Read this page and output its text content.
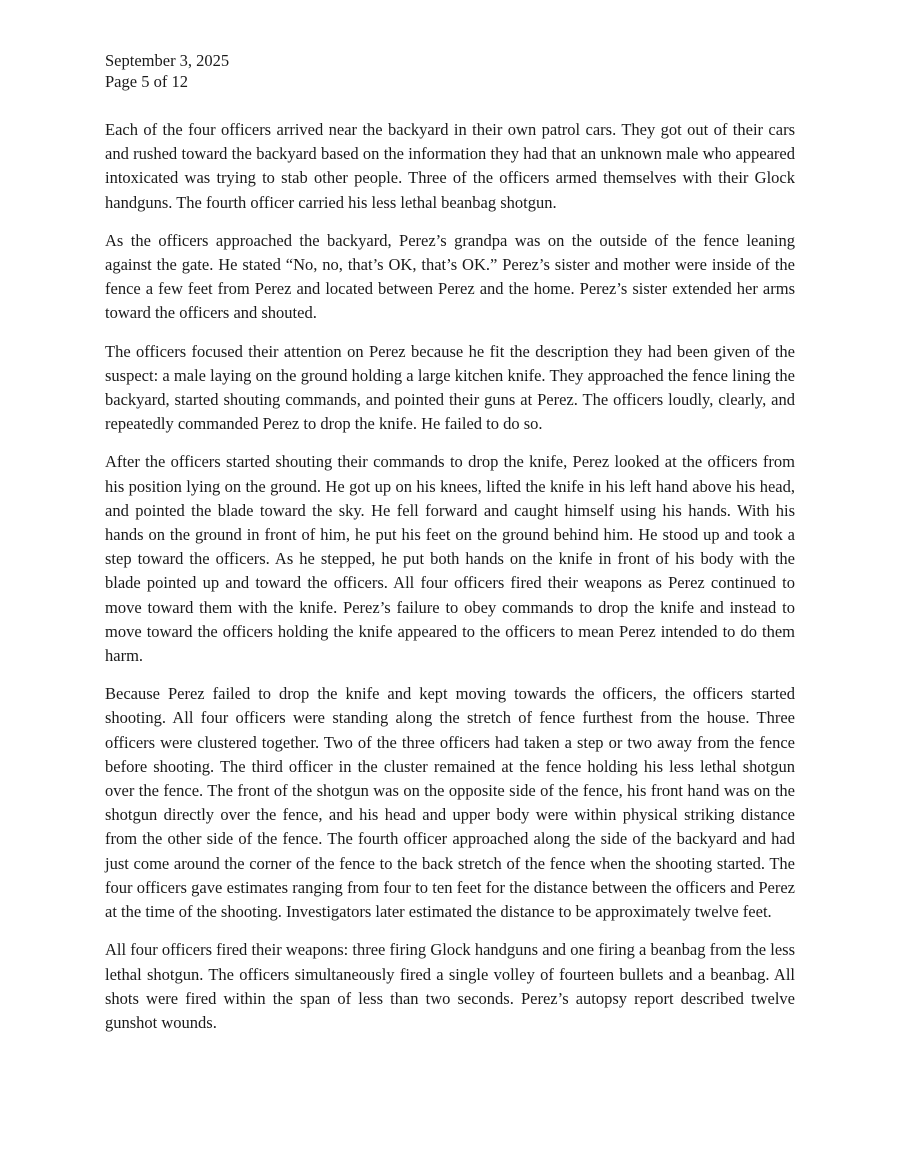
September 3, 2025
Page 5 of 12

Each of the four officers arrived near the backyard in their own patrol cars. They got out of their cars and rushed toward the backyard based on the information they had that an unknown male who appeared intoxicated was trying to stab other people. Three of the officers armed themselves with their Glock handguns. The fourth officer carried his less lethal beanbag shotgun.

As the officers approached the backyard, Perez’s grandpa was on the outside of the fence leaning against the gate. He stated “No, no, that’s OK, that’s OK.” Perez’s sister and mother were inside of the fence a few feet from Perez and located between Perez and the home. Perez’s sister extended her arms toward the officers and shouted.

The officers focused their attention on Perez because he fit the description they had been given of the suspect: a male laying on the ground holding a large kitchen knife. They approached the fence lining the backyard, started shouting commands, and pointed their guns at Perez. The officers loudly, clearly, and repeatedly commanded Perez to drop the knife. He failed to do so.

After the officers started shouting their commands to drop the knife, Perez looked at the officers from his position lying on the ground. He got up on his knees, lifted the knife in his left hand above his head, and pointed the blade toward the sky. He fell forward and caught himself using his hands. With his hands on the ground in front of him, he put his feet on the ground behind him. He stood up and took a step toward the officers. As he stepped, he put both hands on the knife in front of his body with the blade pointed up and toward the officers. All four officers fired their weapons as Perez continued to move toward them with the knife. Perez’s failure to obey commands to drop the knife and instead to move toward the officers holding the knife appeared to the officers to mean Perez intended to do them harm.

Because Perez failed to drop the knife and kept moving towards the officers, the officers started shooting. All four officers were standing along the stretch of fence furthest from the house. Three officers were clustered together. Two of the three officers had taken a step or two away from the fence before shooting. The third officer in the cluster remained at the fence holding his less lethal shotgun over the fence. The front of the shotgun was on the opposite side of the fence, his front hand was on the shotgun directly over the fence, and his head and upper body were within physical striking distance from the other side of the fence. The fourth officer approached along the side of the backyard and had just come around the corner of the fence to the back stretch of the fence when the shooting started. The four officers gave estimates ranging from four to ten feet for the distance between the officers and Perez at the time of the shooting. Investigators later estimated the distance to be approximately twelve feet.

All four officers fired their weapons: three firing Glock handguns and one firing a beanbag from the less lethal shotgun. The officers simultaneously fired a single volley of fourteen bullets and a beanbag. All shots were fired within the span of less than two seconds. Perez’s autopsy report described twelve gunshot wounds.
